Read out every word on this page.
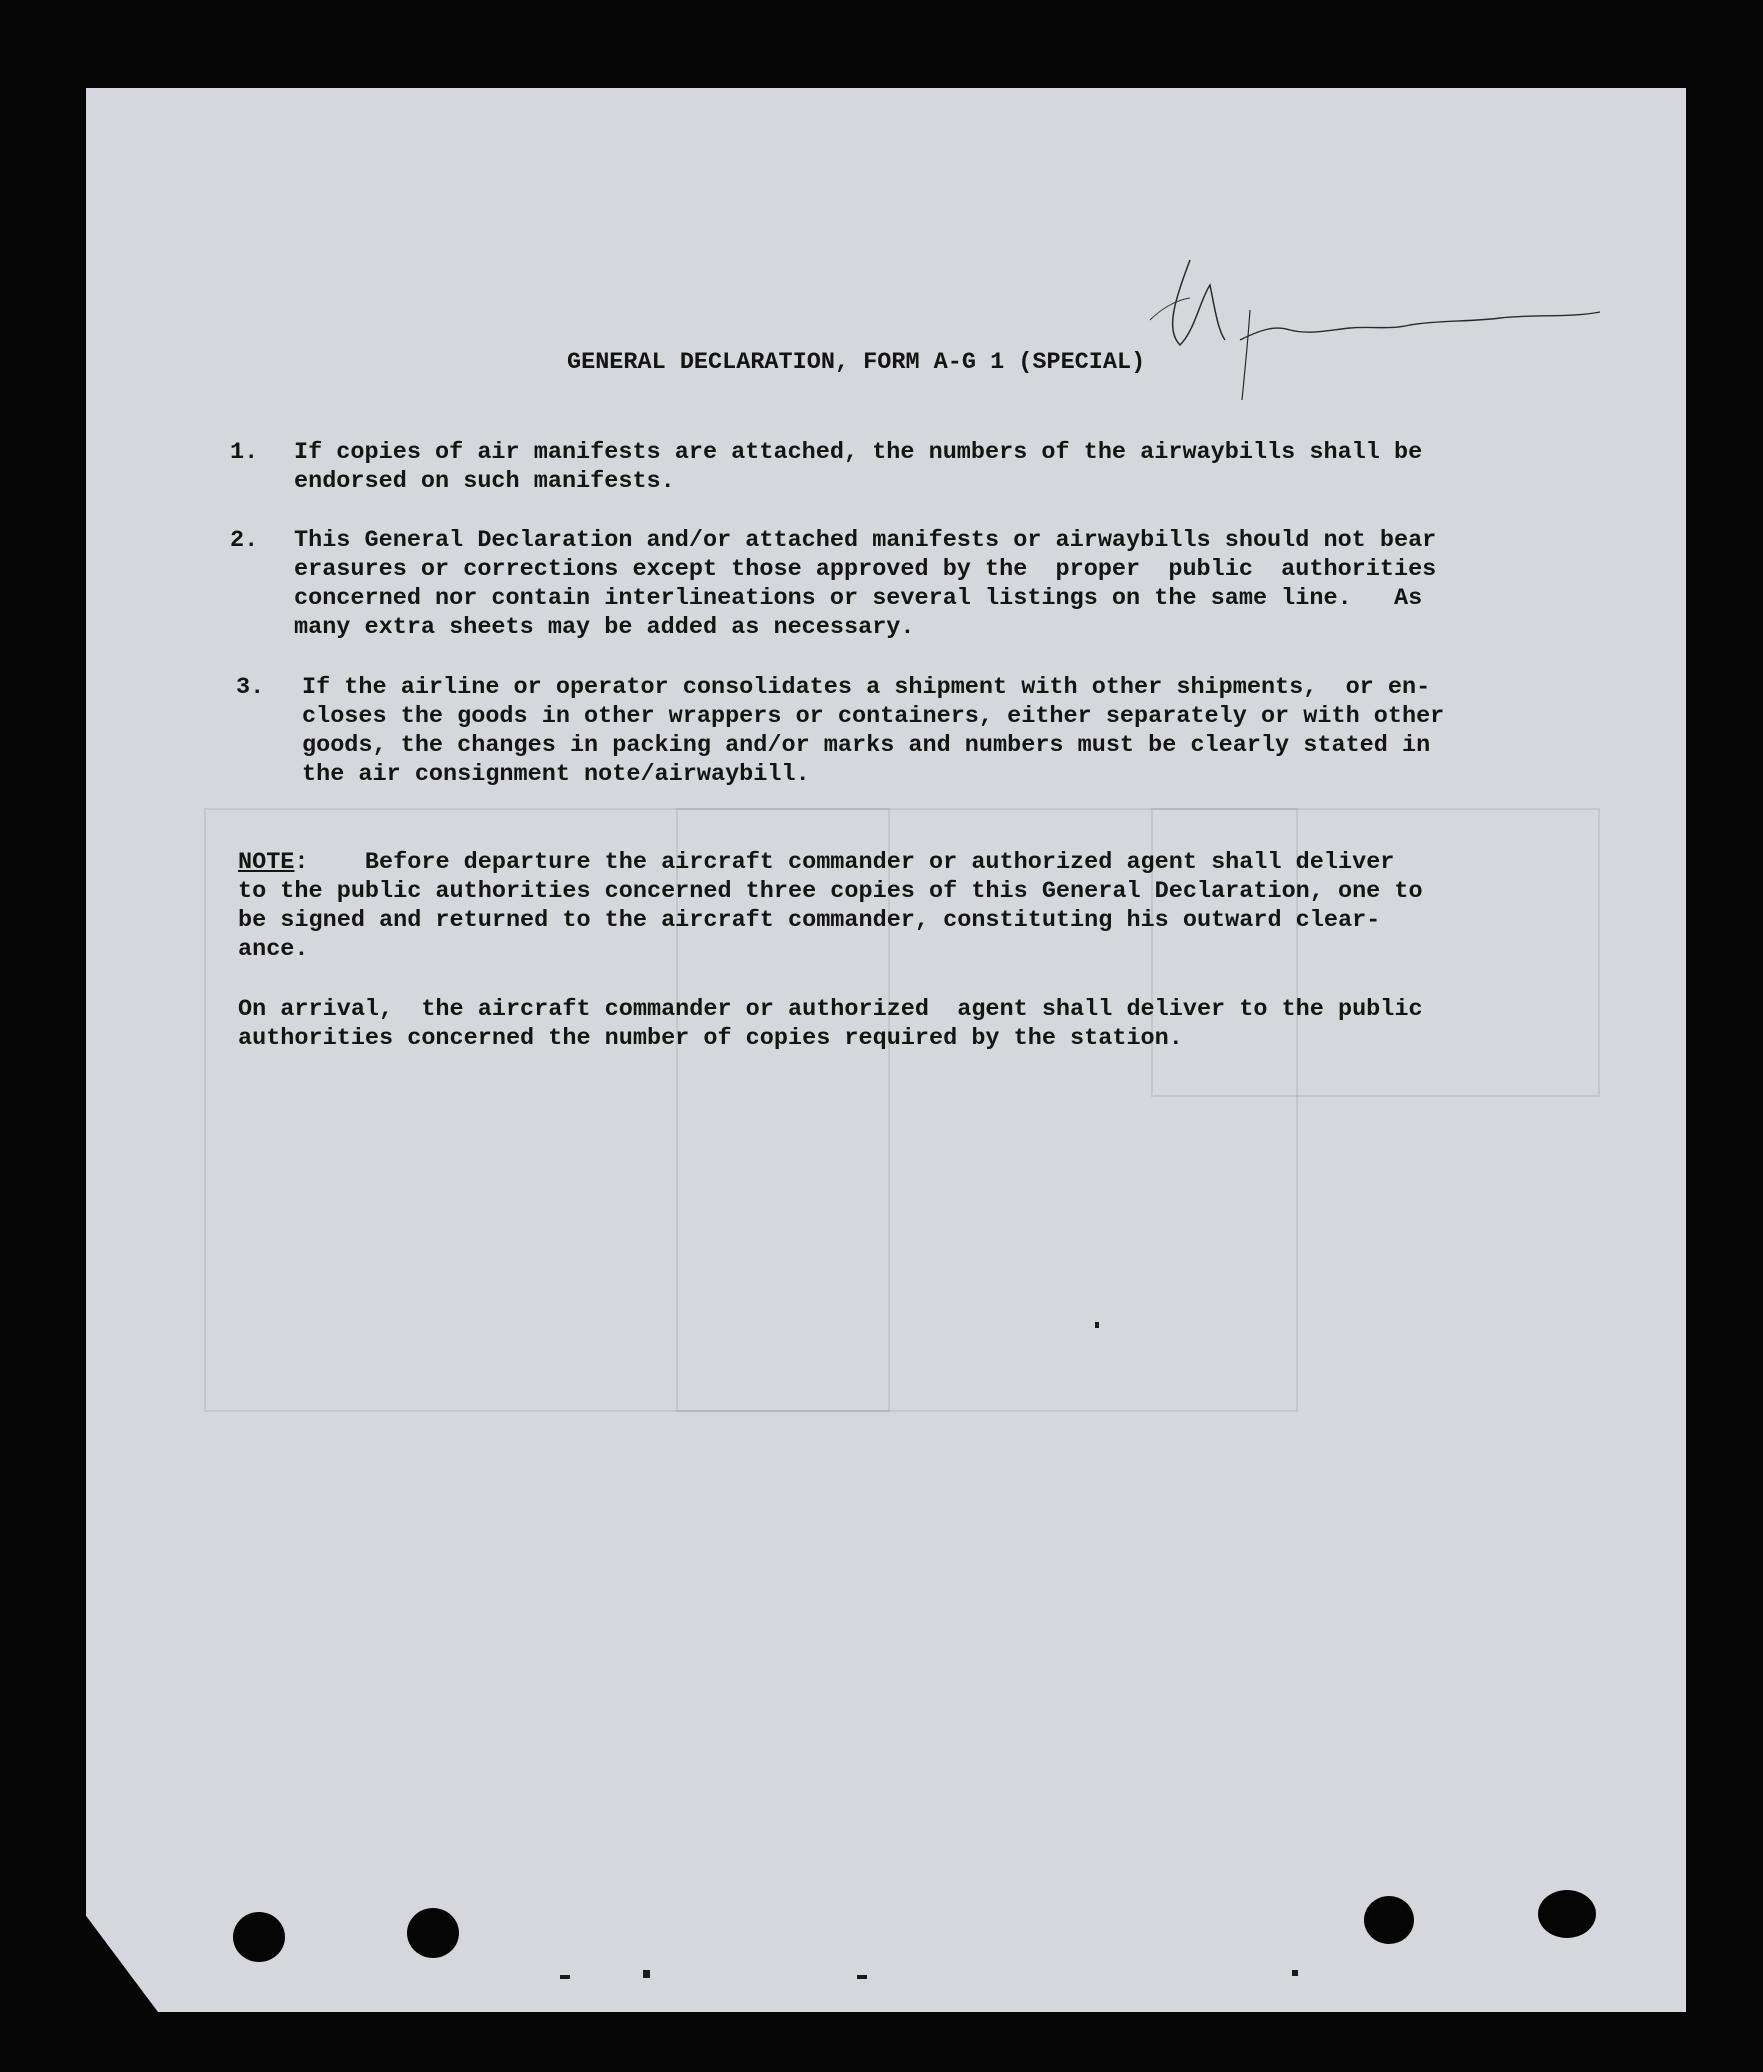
GENERAL DECLARATION, FORM A-G 1 (SPECIAL)
1. If copies of air manifests are attached, the numbers of the airwaybills shall be
endorsed on such manifests.
2. This General Declaration and/or attached manifests or airwaybills should not bear
erasures or corrections except those approved by the  proper  public  authorities
concerned nor contain interlineations or several listings on the same line.   As
many extra sheets may be added as necessary.
3. If the airline or operator consolidates a shipment with other shipments,  or en-
closes the goods in other wrappers or containers, either separately or with other
goods, the changes in packing and/or marks and numbers must be clearly stated in
the air consignment note/airwaybill.
NOTE:    Before departure the aircraft commander or authorized agent shall deliver
to the public authorities concerned three copies of this General Declaration, one to
be signed and returned to the aircraft commander, constituting his outward clear-
ance.
On arrival,  the aircraft commander or authorized  agent shall deliver to the public
authorities concerned the number of copies required by the station.
